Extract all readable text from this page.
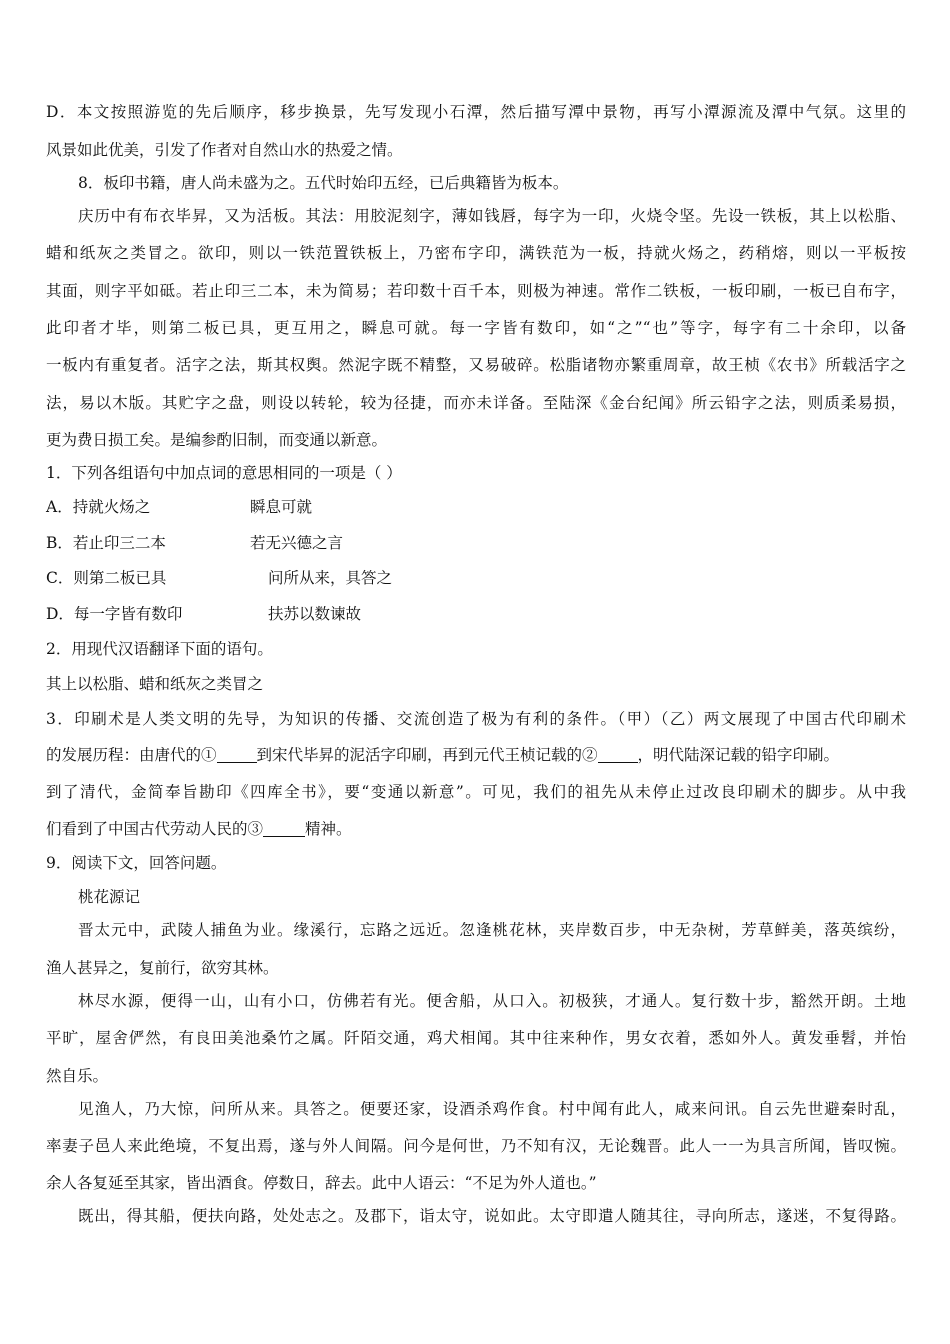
D．本文按照游览的先后顺序，移步换景，先写发现小石潭，然后描写潭中景物，再写小潭源流及潭中气氛。这里的
风景如此优美，引发了作者对自然山水的热爱之情。
8．板印书籍，唐人尚未盛为之。五代时始印五经，已后典籍皆为板本。
庆历中有布衣毕昇，又为活板。其法：用胶泥刻字，薄如钱唇，每字为一印，火烧令坚。先设一铁板，其上以松脂、
蜡和纸灰之类冒之。欲印，则以一铁范置铁板上，乃密布字印，满铁范为一板，持就火炀之，药稍熔，则以一平板按
其面，则字平如砥。若止印三二本，未为简易；若印数十百千本，则极为神速。常作二铁板，一板印刷，一板已自布字，
此印者才毕，则第二板已具，更互用之，瞬息可就。每一字皆有数印，如“之”“也”等字，每字有二十余印，以备
一板内有重复者。活字之法，斯其权舆。然泥字既不精整，又易破碎。松脂诸物亦繁重周章，故王桢《农书》所载活字之
法，易以木版。其贮字之盘，则设以转轮，较为径捷，而亦未详备。至陆深《金台纪闻》所云铅字之法，则质柔易损，
更为费日损工矣。是编参酌旧制，而变通以新意。
1．下列各组语句中加点词的意思相同的一项是（ ）
A．持就火炀之	瞬息可就
B．若止印三二本	若无兴德之言
C．则第二板已具	问所从来，具答之
D．每一字皆有数印	扶苏以数谏故
2．用现代汉语翻译下面的语句。
其上以松脂、蜡和纸灰之类冒之
3．印刷术是人类文明的先导，为知识的传播、交流创造了极为有利的条件。（甲）（乙）两文展现了中国古代印刷术
的发展历程：由唐代的①	到宋代毕昇的泥活字印刷，再到元代王桢记载的②	，明代陆深记载的铅字印刷。
到了清代，金简奉旨勘印《四库全书》，要“变通以新意”。可见，我们的祖先从未停止过改良印刷术的脚步。从中我
们看到了中国古代劳动人民的③	精神。
9．阅读下文，回答问题。
桃花源记
晋太元中，武陵人捕鱼为业。缘溪行，忘路之远近。忽逢桃花林，夹岸数百步，中无杂树，芳草鲜美，落英缤纷，
渔人甚异之，复前行，欲穷其林。
林尽水源，便得一山，山有小口，仿佛若有光。便舍船，从口入。初极狭，才通人。复行数十步，豁然开朗。土地
平旷，屋舍俨然，有良田美池桑竹之属。阡陌交通，鸡犬相闻。其中往来种作，男女衣着，悉如外人。黄发垂髫，并怡
然自乐。
见渔人，乃大惊，问所从来。具答之。便要还家，设酒杀鸡作食。村中闻有此人，咸来问讯。自云先世避秦时乱，
率妻子邑人来此绝境，不复出焉，遂与外人间隔。问今是何世，乃不知有汉，无论魏晋。此人一一为具言所闻，皆叹惋。
余人各复延至其家，皆出酒食。停数日，辞去。此中人语云：“不足为外人道也。”
既出，得其船，便扶向路，处处志之。及郡下，诣太守，说如此。太守即遣人随其往，寻向所志，遂迷，不复得路。
